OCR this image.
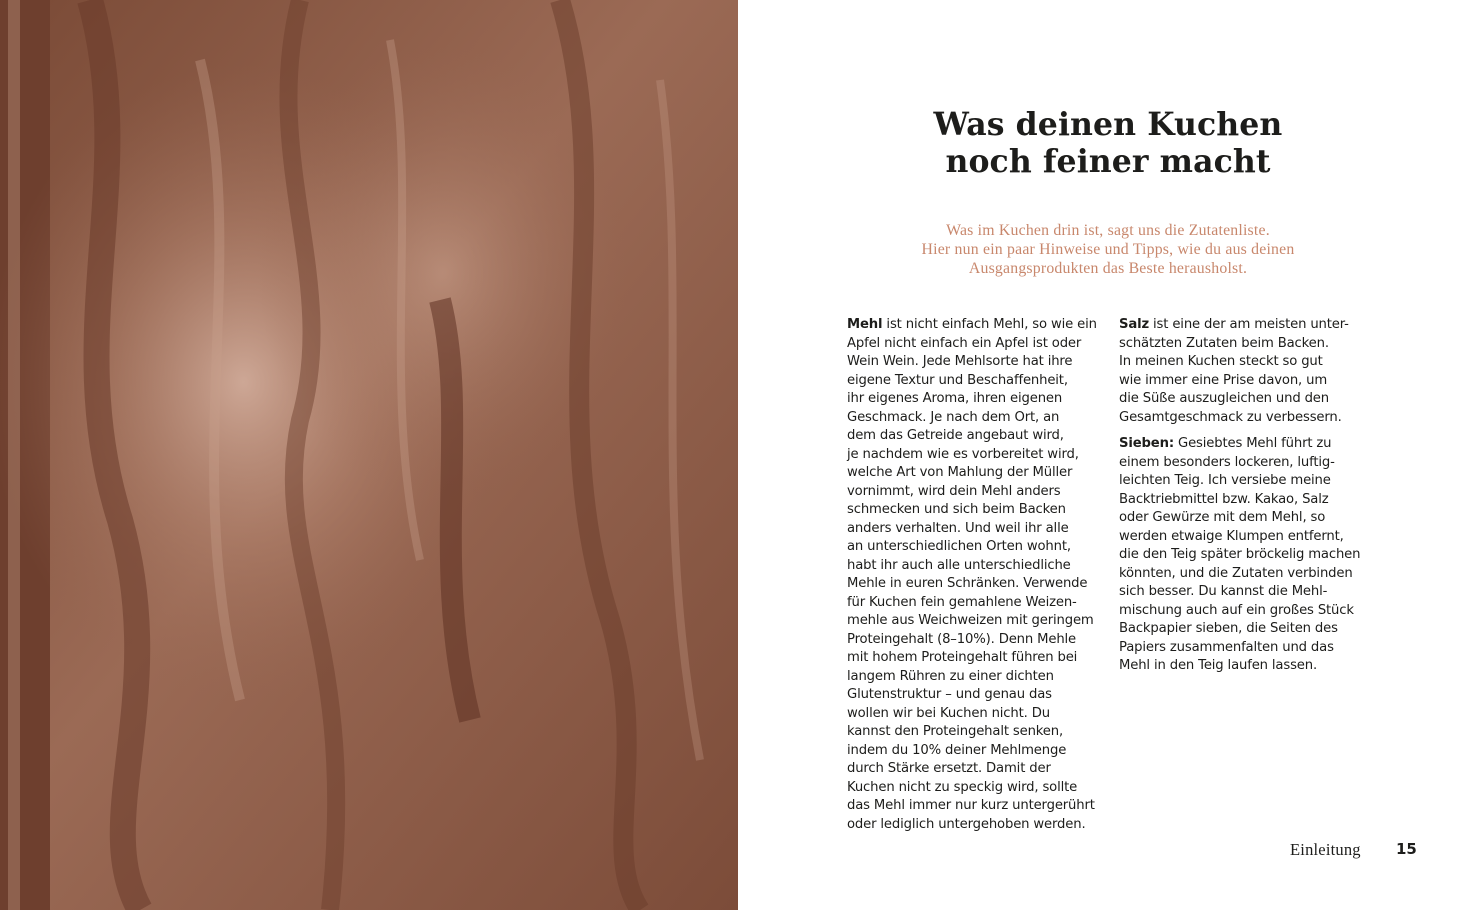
Was deinen Kuchen
noch feiner macht
Was im Kuchen drin ist, sagt uns die Zutatenliste.
Hier nun ein paar Hinweise und Tipps, wie du aus deinen
Ausgangsprodukten das Beste herausholst.

Mehl ist nicht einfach Mehl, so wie ein
Apfel nicht einfach ein Apfel ist oder
Wein Wein. Jede Mehlsorte hat ihre
eigene Textur und Beschaffenheit,
ihr eigenes Aroma, ihren eigenen
Geschmack. Je nach dem Ort, an
dem das Getreide angebaut wird,
je nachdem wie es vorbereitet wird,
welche Art von Mahlung der Müller
vornimmt, wird dein Mehl anders
schmecken und sich beim Backen
anders verhalten. Und weil ihr alle
an unterschiedlichen Orten wohnt,
habt ihr auch alle unterschiedliche
Mehle in euren Schränken. Verwende
für Kuchen fein gemahlene Weizen-
mehle aus Weichweizen mit geringem
Proteingehalt (8–10%). Denn Mehle
mit hohem Proteingehalt führen bei
langem Rühren zu einer dichten
Glutenstruktur – und genau das
wollen wir bei Kuchen nicht. Du
kannst den Proteingehalt senken,
indem du 10% deiner Mehlmenge
durch Stärke ersetzt. Damit der
Kuchen nicht zu speckig wird, sollte
das Mehl immer nur kurz untergerührt
oder lediglich untergehoben werden.

Salz ist eine der am meisten unter-
schätzten Zutaten beim Backen.
In meinen Kuchen steckt so gut
wie immer eine Prise davon, um
die Süße auszugleichen und den
Gesamtgeschmack zu verbessern.

Sieben: Gesiebtes Mehl führt zu
einem besonders lockeren, luftig-
leichten Teig. Ich versiebe meine
Backtriebmittel bzw. Kakao, Salz
oder Gewürze mit dem Mehl, so
werden etwaige Klumpen entfernt,
die den Teig später bröckelig machen
könnten, und die Zutaten verbinden
sich besser. Du kannst die Mehl-
mischung auch auf ein großes Stück
Backpapier sieben, die Seiten des
Papiers zusammenfalten und das
Mehl in den Teig laufen lassen.

Einleitung 15
